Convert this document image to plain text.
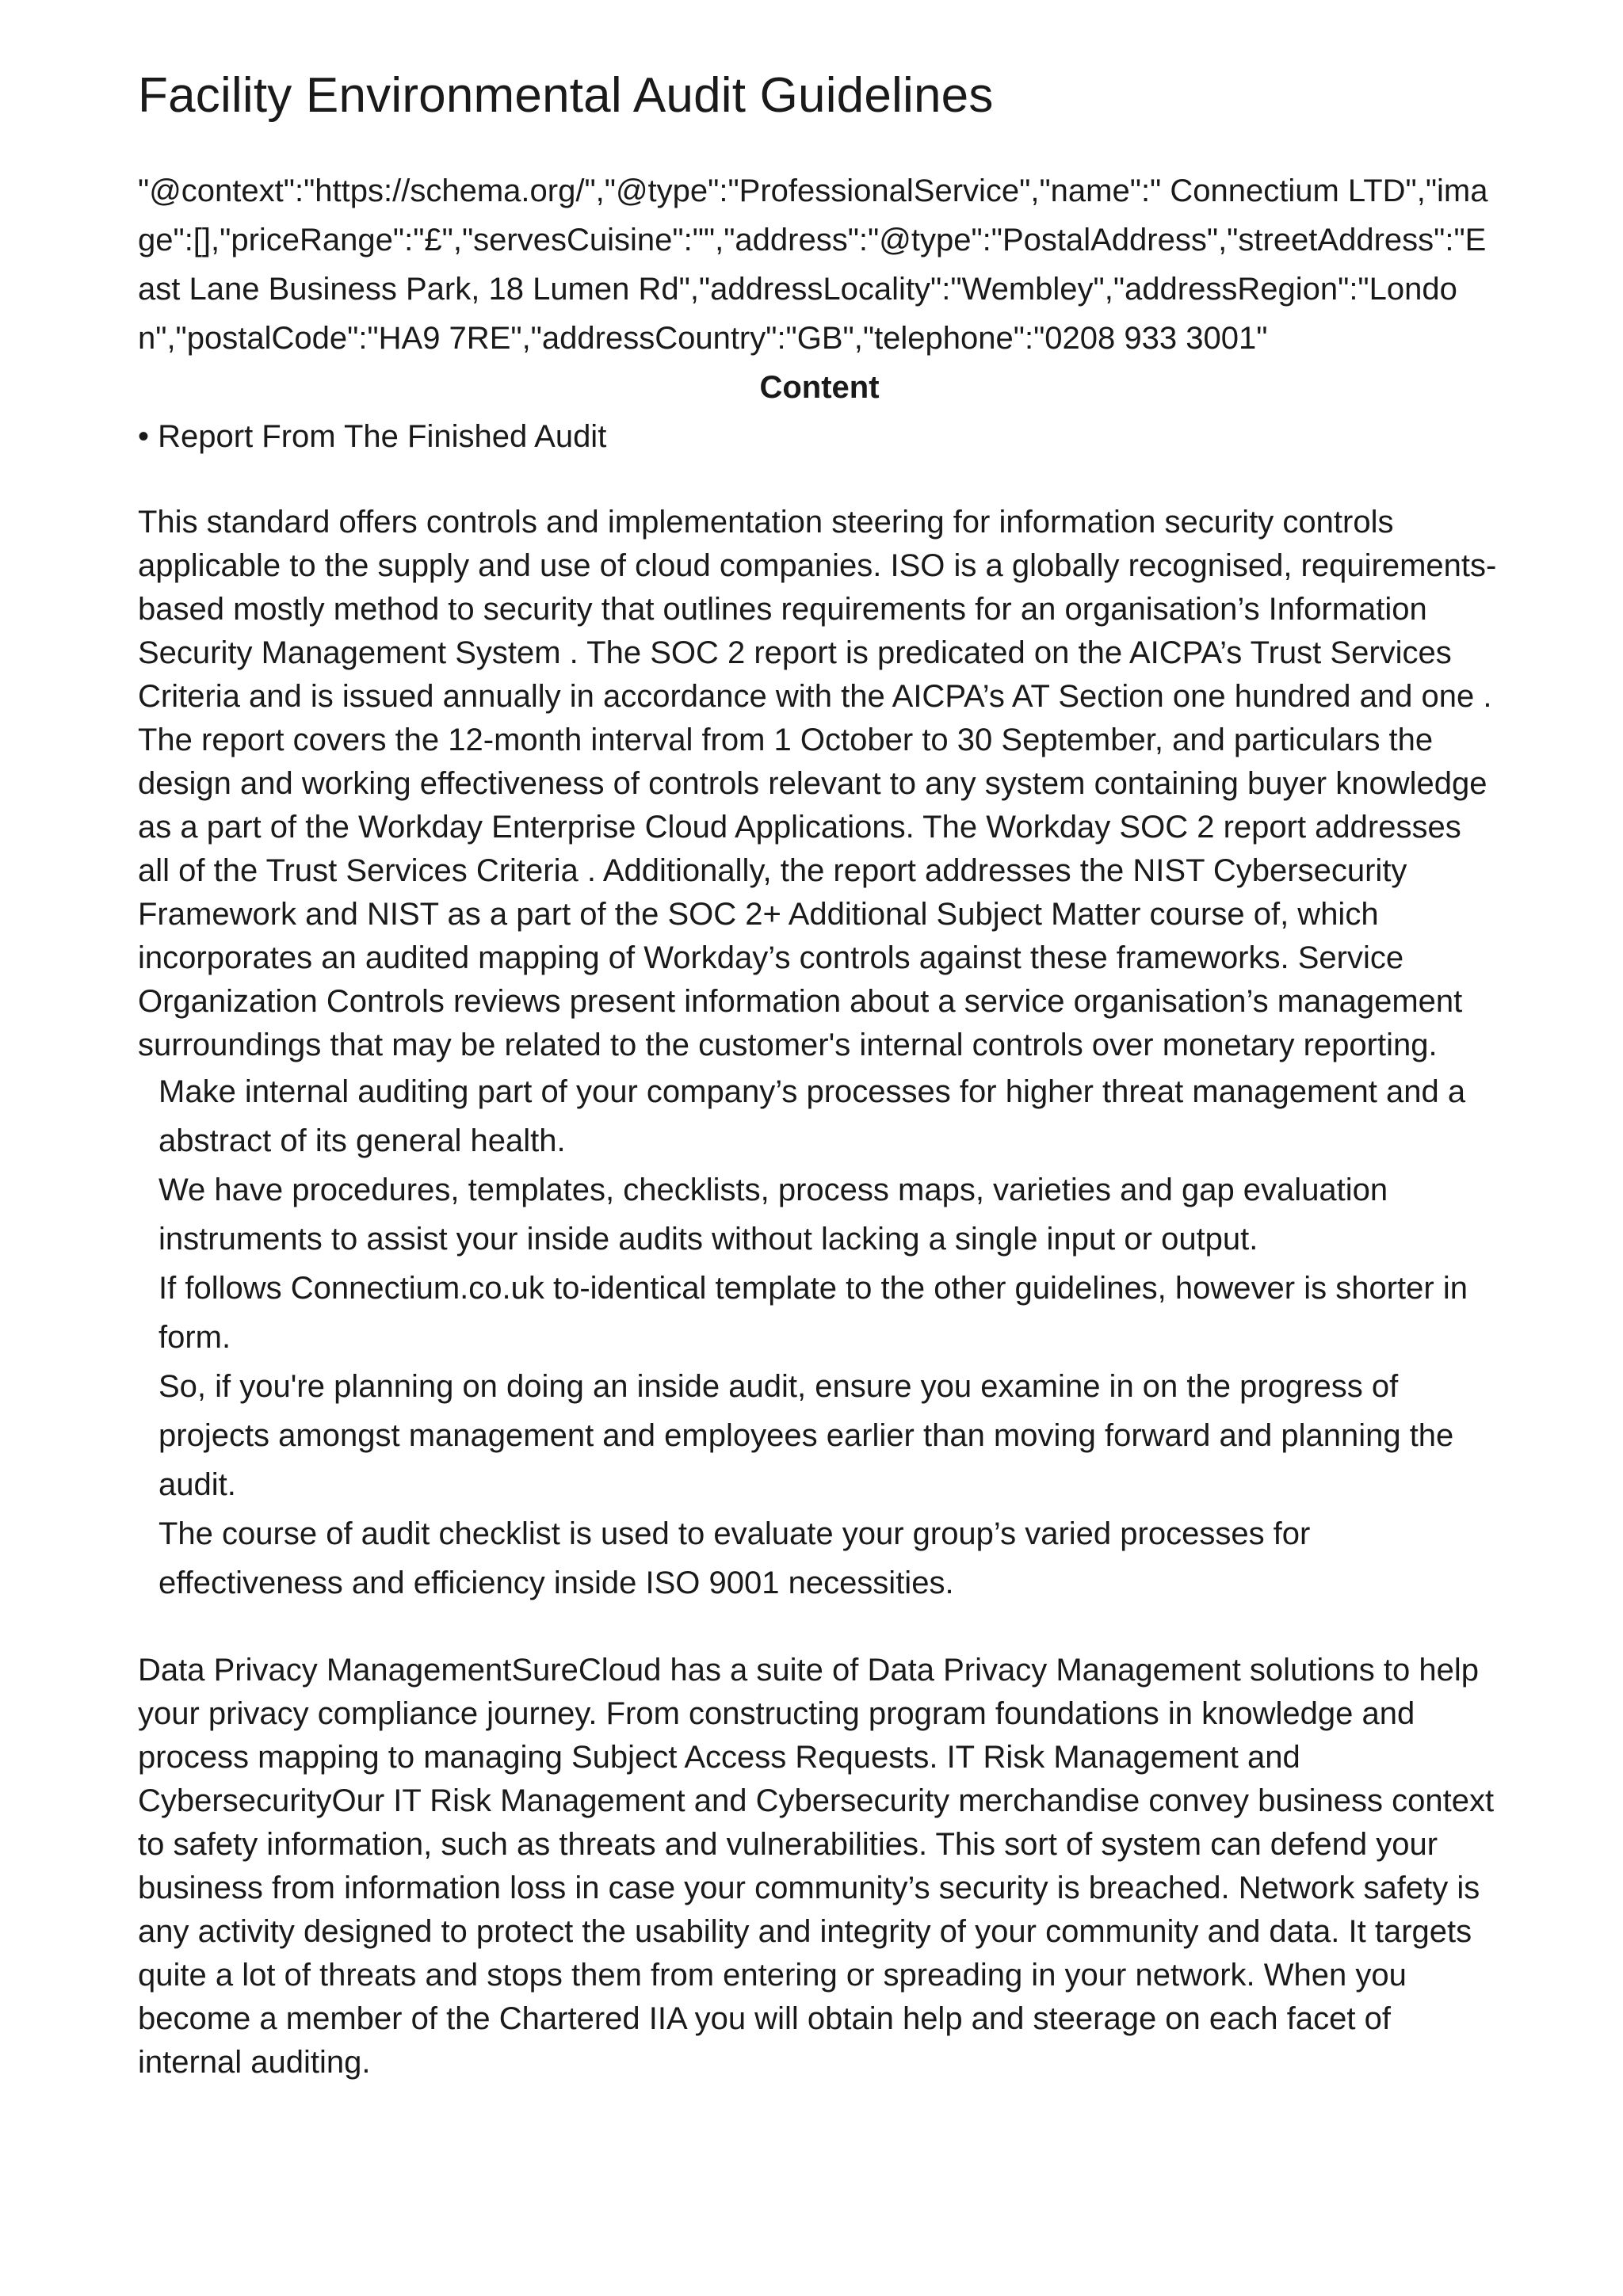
Facility Environmental Audit Guidelines

"@context":"https://schema.org/","@type":"ProfessionalService","name":" Connectium LTD","image":[],"priceRange":"£","servesCuisine":"","address":"@type":"PostalAddress","streetAddress":"East Lane Business Park, 18 Lumen Rd","addressLocality":"Wembley","addressRegion":"London","postalCode":"HA9 7RE","addressCountry":"GB","telephone":"0208 933 3001"

Content

• Report From The Finished Audit

This standard offers controls and implementation steering for information security controls applicable to the supply and use of cloud companies. ISO is a globally recognised, requirements-based mostly method to security that outlines requirements for an organisation’s Information Security Management System . The SOC 2 report is predicated on the AICPA’s Trust Services Criteria and is issued annually in accordance with the AICPA’s AT Section one hundred and one . The report covers the 12-month interval from 1 October to 30 September, and particulars the design and working effectiveness of controls relevant to any system containing buyer knowledge as a part of the Workday Enterprise Cloud Applications. The Workday SOC 2 report addresses all of the Trust Services Criteria . Additionally, the report addresses the NIST Cybersecurity Framework and NIST as a part of the SOC 2+ Additional Subject Matter course of, which incorporates an audited mapping of Workday’s controls against these frameworks. Service Organization Controls reviews present information about a service organisation’s management surroundings that may be related to the customer's internal controls over monetary reporting.

Make internal auditing part of your company’s processes for higher threat management and a abstract of its general health.
We have procedures, templates, checklists, process maps, varieties and gap evaluation instruments to assist your inside audits without lacking a single input or output.
If follows Connectium.co.uk to-identical template to the other guidelines, however is shorter in form.
So, if you're planning on doing an inside audit, ensure you examine in on the progress of projects amongst management and employees earlier than moving forward and planning the audit.
The course of audit checklist is used to evaluate your group’s varied processes for effectiveness and efficiency inside ISO 9001 necessities.

Data Privacy ManagementSureCloud has a suite of Data Privacy Management solutions to help your privacy compliance journey. From constructing program foundations in knowledge and process mapping to managing Subject Access Requests. IT Risk Management and CybersecurityOur IT Risk Management and Cybersecurity merchandise convey business context to safety information, such as threats and vulnerabilities. This sort of system can defend your business from information loss in case your community’s security is breached. Network safety is any activity designed to protect the usability and integrity of your community and data. It targets quite a lot of threats and stops them from entering or spreading in your network. When you become a member of the Chartered IIA you will obtain help and steerage on each facet of internal auditing.
